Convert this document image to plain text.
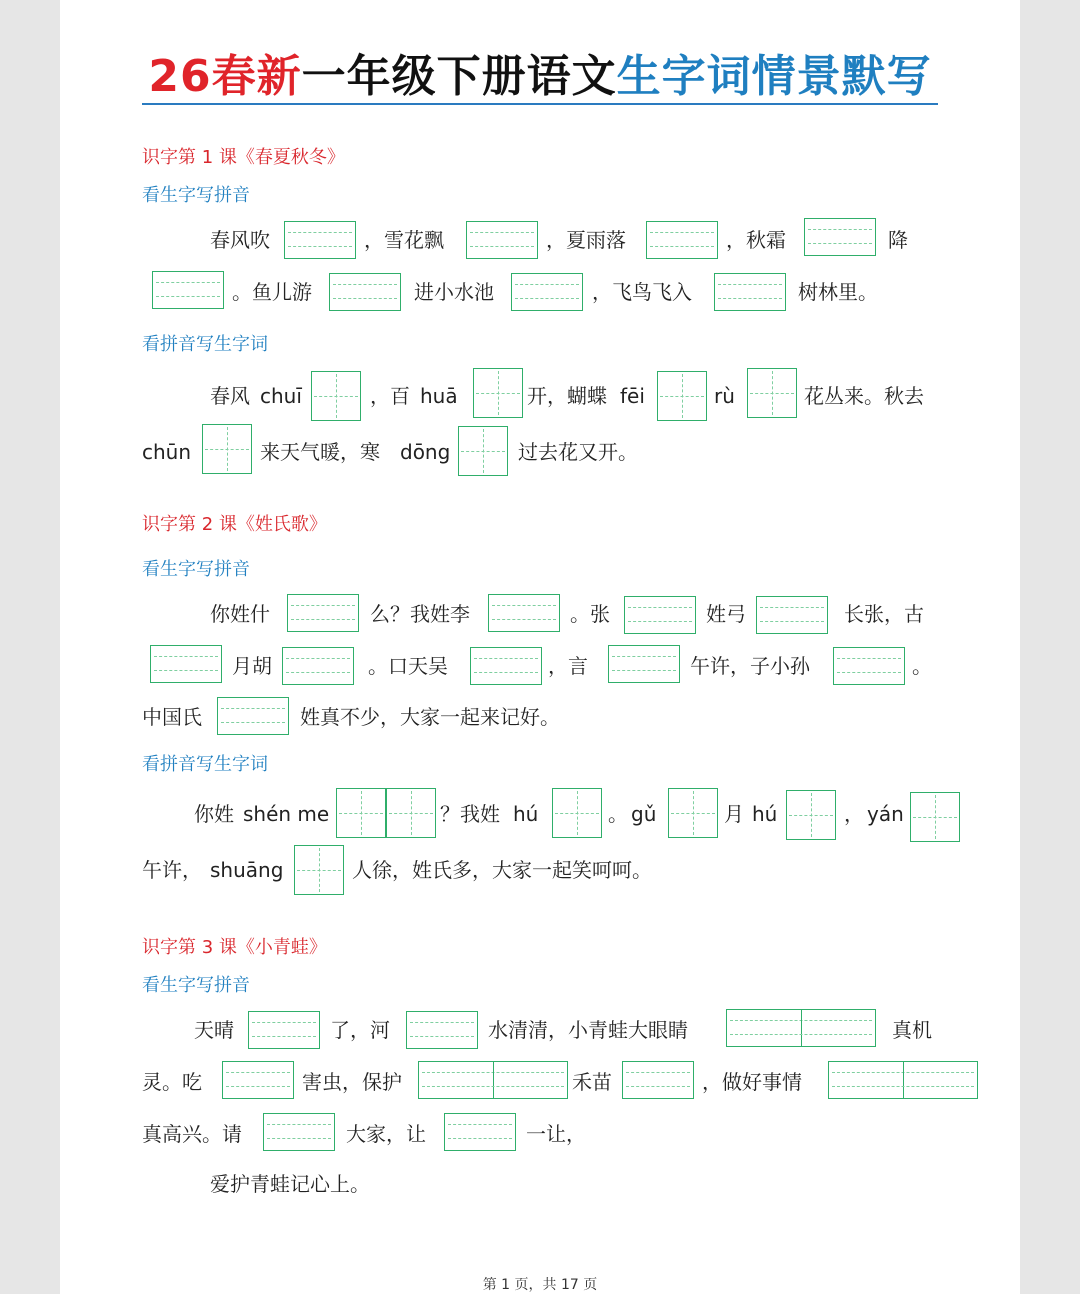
26春新一年级下册语文生字词情景默写
识字第 1 课《春夏秋冬》
看生字写拼音
春风吹	，雪花飘	，夏雨落	，秋霜	降
。鱼儿游	进小水池	，飞鸟飞入	树林里。
看拼音写生字词
春风 chuī	，百 huā	开，蝴蝶 fēi	rù	花丛来。秋去
chūn	来天气暖，寒 dōng	过去花又开。
识字第 2 课《姓氏歌》
看生字写拼音
你姓什	么？我姓李	。张	姓弓	长张，古
月胡	。口天吴	，言	午许，子小孙	。
中国氏	姓真不少，大家一起来记好。
看拼音写生字词
你姓 shén me	？我姓 hú	。 gǔ	月 hú	， yán
午许， shuāng	人徐，姓氏多，大家一起笑呵呵。
识字第 3 课《小青蛙》
看生字写拼音
天晴	了，河	水清清，小青蛙大眼睛	真机
灵。吃	害虫，保护	禾苗	，做好事情
真高兴。请	大家，让	一让，
爱护青蛙记心上。
第 1 页，共 17 页
